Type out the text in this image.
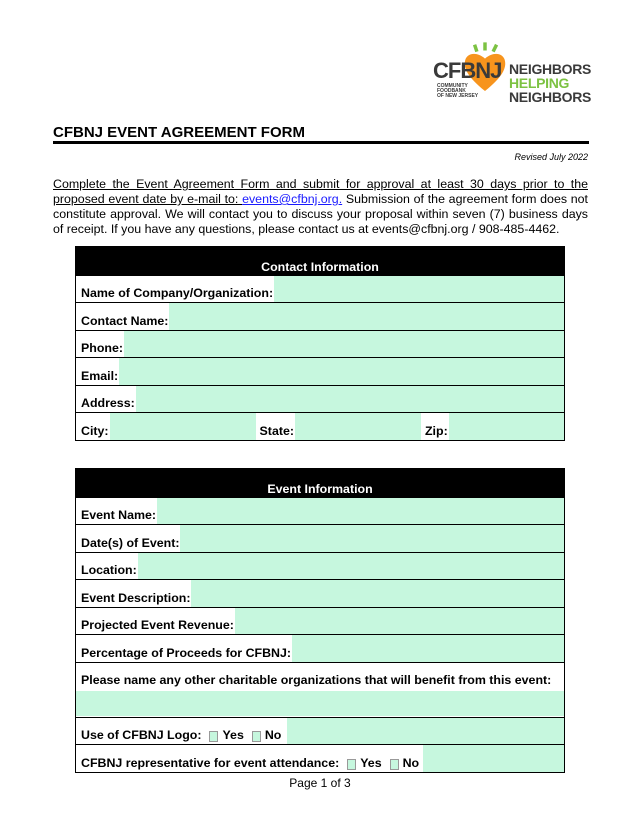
CFBNJ
COMMUNITY
FOODBANK
OF NEW JERSEY
NEIGHBORS
HELPING
NEIGHBORS
CFBNJ EVENT AGREEMENT FORM
Revised July 2022
Complete the Event Agreement Form and submit for approval at least 30 days prior to the proposed event date by e-mail to: events@cfbnj.org. Submission of the agreement form does not constitute approval. We will contact you to discuss your proposal within seven (7) business days of receipt. If you have any questions, please contact us at events@cfbnj.org / 908-485-4462.
Contact Information

Name of Company/Organization:

Contact Name:

Phone:

Email:

Address:

City:	State:	Zip:
Event Information

Event Name:

Date(s) of Event:

Location:

Event Description:

Projected Event Revenue:

Percentage of Proceeds for CFBNJ:

Please name any other charitable organizations that will benefit from this event:

Use of CFBNJ Logo: Yes No

CFBNJ representative for event attendance: Yes No
Page 1 of 3
